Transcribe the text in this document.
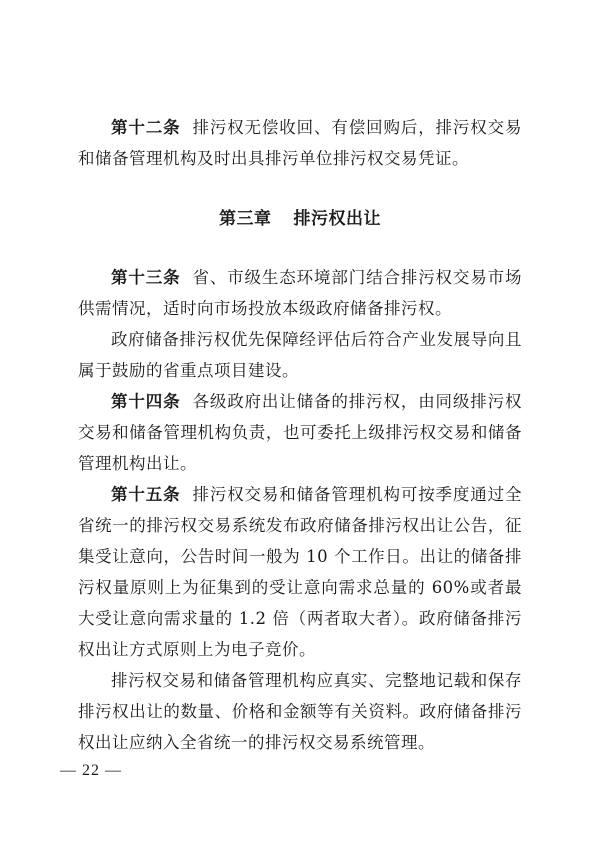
第十二条 排污权无偿收回、有偿回购后，排污权交易和储备管理机构及时出具排污单位排污权交易凭证。

第三章 排污权出让

第十三条 省、市级生态环境部门结合排污权交易市场供需情况，适时向市场投放本级政府储备排污权。

政府储备排污权优先保障经评估后符合产业发展导向且属于鼓励的省重点项目建设。

第十四条 各级政府出让储备的排污权，由同级排污权交易和储备管理机构负责，也可委托上级排污权交易和储备管理机构出让。

第十五条 排污权交易和储备管理机构可按季度通过全省统一的排污权交易系统发布政府储备排污权出让公告，征集受让意向，公告时间一般为 10 个工作日。出让的储备排污权量原则上为征集到的受让意向需求总量的 60%或者最大受让意向需求量的 1.2 倍（两者取大者）。政府储备排污权出让方式原则上为电子竞价。

排污权交易和储备管理机构应真实、完整地记载和保存排污权出让的数量、价格和金额等有关资料。政府储备排污权出让应纳入全省统一的排污权交易系统管理。

— 22 —
